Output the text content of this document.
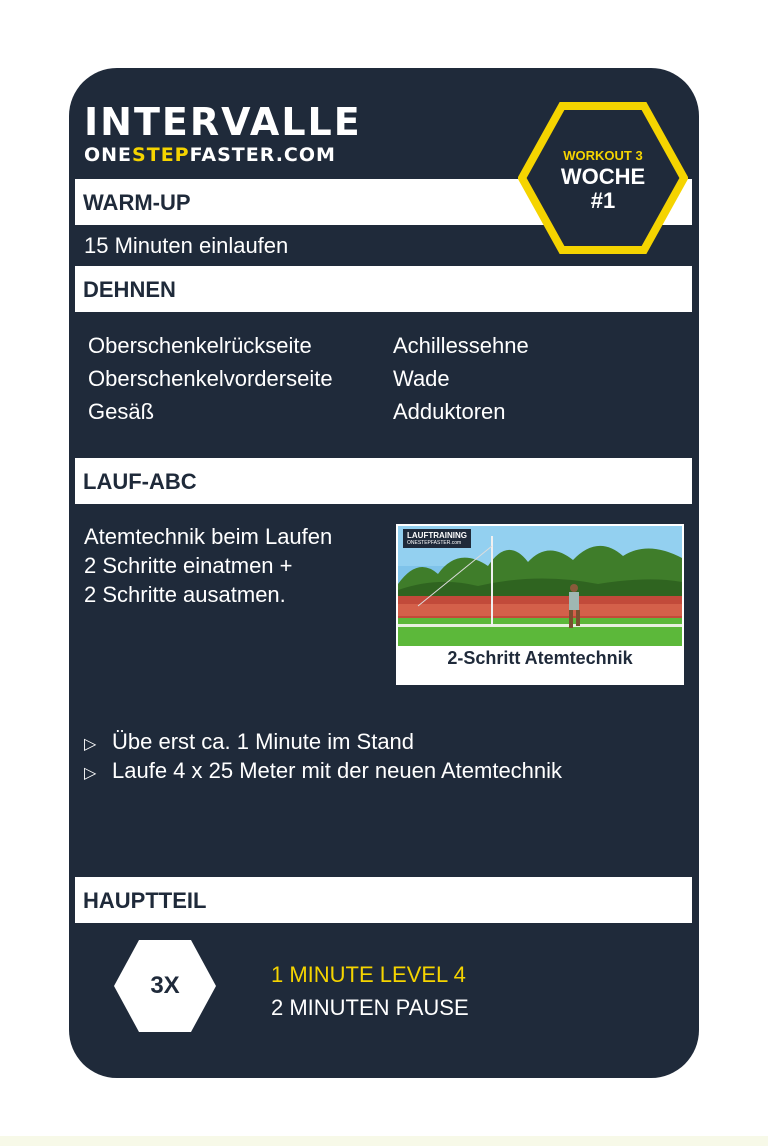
INTERVALLE
ONESTEPFASTER.COM
WARM-UP
15 Minuten einlaufen
WORKOUT 3
WOCHE
#1
DEHNEN
Oberschenkelrückseite
Oberschenkelvorderseite
Gesäß
Achillessehne
Wade
Adduktoren
LAUF-ABC
Atemtechnik beim Laufen
2 Schritte einatmen +
2 Schritte ausatmen.
LAUFTRAINING
ONESTEPFASTER.com
2-Schritt Atemtechnik
▷ Übe erst ca. 1 Minute im Stand
▷ Laufe 4 x 25 Meter mit der neuen Atemtechnik
HAUPTTEIL
3X	1 MINUTE LEVEL 4
2 MINUTEN PAUSE
